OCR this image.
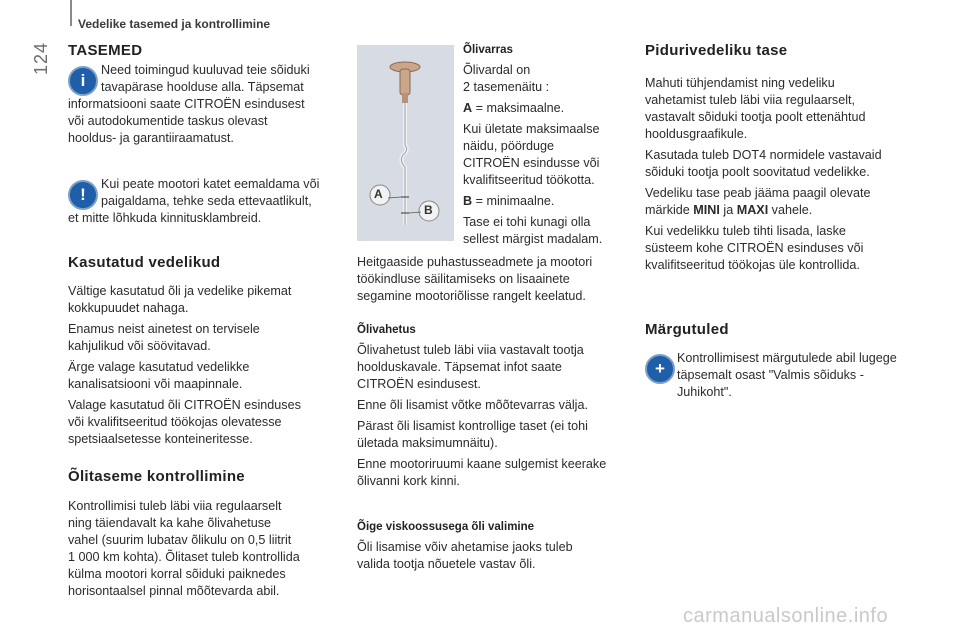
124
Vedelike tasemed ja kontrollimine
TASEMED
i
Need toimingud kuuluvad teie sõiduki
tavapärase hoolduse alla. Täpsemat
informatsiooni saate CITROËN esindusest
või autodokumentide taskus olevast
hooldus- ja garantiiraamatust.
!
Kui peate mootori katet eemaldama või
paigaldama, tehke seda ettevaatlikult,
et mitte lõhkuda kinnitusklambreid.
Kasutatud vedelikud
Vältige kasutatud õli ja vedelike pikemat

kokkupuudet nahaga.

Enamus neist ainetest on tervisele

kahjulikud või söövitavad.

Ärge valage kasutatud vedelikke

kanalisatsiooni või maapinnale.

Valage kasutatud õli CITROËN esinduses
või kvalifitseeritud töökojas olevatesse
spetsiaalsetesse konteineritesse.
Õlitaseme kontrollimine
Kontrollimisi tuleb läbi viia regulaarselt
ning täiendavalt ka kahe õlivahetuse
vahel (suurim lubatav õlikulu on 0,5 liitrit
1 000 km kohta). Õlitaset tuleb kontrollida
külma mootori korral sõiduki paiknedes
horisontaalsel pinnal mõõtevarda abil.
A
B
Õlivarras
Õlivardal on

2 tasemenäitu :

A = maksimaalne.

Kui ületate maksimaalse
näidu, pöörduge
CITROËN esindusse või

kvalifitseeritud töökotta.

B = minimaalne.

Tase ei tohi kunagi olla
sellest märgist madalam.
Heitgaaside puhastusseadmete ja mootori
töökindluse säilitamiseks on lisaainete
segamine mootoriõlisse rangelt keelatud.
Õlivahetus
Õlivahetust tuleb läbi viia vastavalt tootja
hoolduskavale. Täpsemat infot saate

CITROËN esindusest.

Enne õli lisamist võtke mõõtevarras välja.

Pärast õli lisamist kontrollige taset (ei tohi

ületada maksimumnäitu).

Enne mootoriruumi kaane sulgemist keerake
õlivanni kork kinni.
Õige viskoossusega õli valimine
Õli lisamise võiv ahetamise jaoks tuleb
valida tootja nõuetele vastav õli.
Pidurivedeliku tase
Mahuti tühjendamist ning vedeliku
vahetamist tuleb läbi viia regulaarselt,
vastavalt sõiduki tootja poolt ettenähtud

hooldusgraafikule.

Kasutada tuleb DOT4 normidele vastavaid

sõiduki tootja poolt soovitatud vedelikke.

Vedeliku tase peab jääma paagil olevate

märkide MINI ja MAXI vahele.

Kui vedelikku tuleb tihti lisada, laske
süsteem kohe CITROËN esinduses või
kvalifitseeritud töökojas üle kontrollida.
Märgutuled
+
Kontrollimisest märgutulede abil lugege
täpsemalt osast "Valmis sõiduks -
Juhikoht".
carmanualsonline.info
